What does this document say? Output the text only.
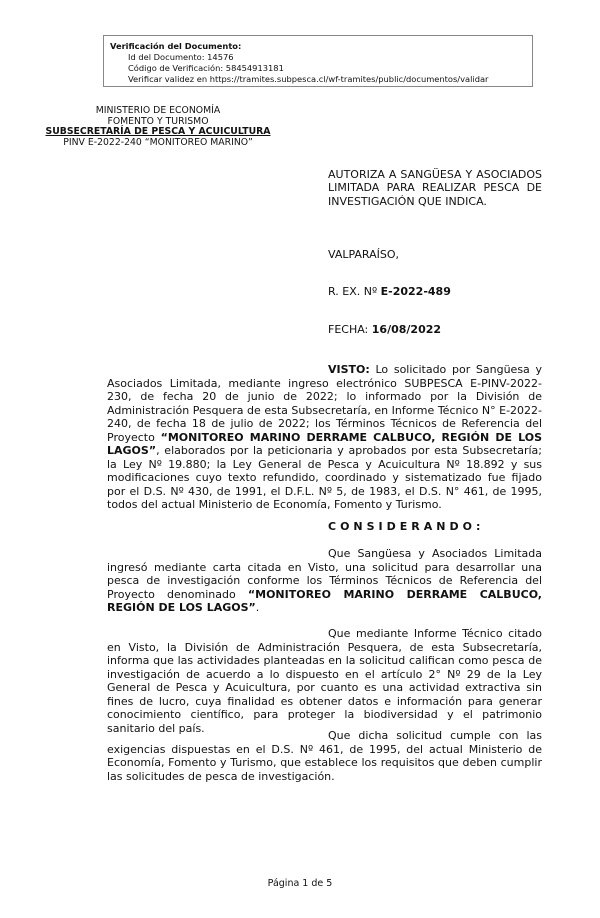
Verificación del Documento:
• Id del Documento: 14576
• Código de Verificación: 58454913181
• Verificar validez en https://tramites.subpesca.cl/wf-tramites/public/documentos/validar
MINISTERIO DE ECONOMÍA
FOMENTO Y TURISMO
SUBSECRETARÍA DE PESCA Y ACUICULTURA
PINV E-2022-240 “MONITOREO MARINO”
AUTORIZA A SANGÜESA Y ASOCIADOS LIMITADA PARA REALIZAR PESCA DE INVESTIGACIÓN QUE INDICA.
VALPARAÍSO,
R. EX. Nº E-2022-489
FECHA: 16/08/2022
VISTO: Lo solicitado por Sangüesa y Asociados Limitada, mediante ingreso electrónico SUBPESCA E-PINV-2022-230, de fecha 20 de junio de 2022; lo informado por la División de Administración Pesquera de esta Subsecretaría, en Informe Técnico N° E-2022-240, de fecha 18 de julio de 2022; los Términos Técnicos de Referencia del Proyecto “MONITOREO MARINO DERRAME CALBUCO, REGIÓN DE LOS LAGOS”, elaborados por la peticionaria y aprobados por esta Subsecretaría; la Ley Nº 19.880; la Ley General de Pesca y Acuicultura Nº 18.892 y sus modificaciones cuyo texto refundido, coordinado y sistematizado fue fijado por el D.S. Nº 430, de 1991, el D.F.L. Nº 5, de 1983, el D.S. N° 461, de 1995, todos del actual Ministerio de Economía, Fomento y Turismo.
CONSIDERANDO:
Que Sangüesa y Asociados Limitada ingresó mediante carta citada en Visto, una solicitud para desarrollar una pesca de investigación conforme los Términos Técnicos de Referencia del Proyecto denominado “MONITOREO MARINO DERRAME CALBUCO, REGIÓN DE LOS LAGOS”.
Que mediante Informe Técnico citado en Visto, la División de Administración Pesquera, de esta Subsecretaría, informa que las actividades planteadas en la solicitud califican como pesca de investigación de acuerdo a lo dispuesto en el artículo 2° Nº 29 de la Ley General de Pesca y Acuicultura, por cuanto es una actividad extractiva sin fines de lucro, cuya finalidad es obtener datos e información para generar conocimiento científico, para proteger la biodiversidad y el patrimonio sanitario del país.
Que dicha solicitud cumple con las exigencias dispuestas en el D.S. Nº 461, de 1995, del actual Ministerio de Economía, Fomento y Turismo, que establece los requisitos que deben cumplir las solicitudes de pesca de investigación.
Página 1 de 5
